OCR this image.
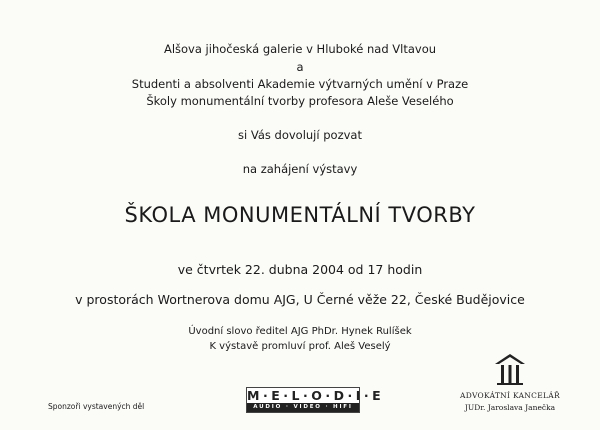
Alšova jihočeská galerie v Hluboké nad Vltavou
a
Studenti a absolventi Akademie výtvarných umění v Praze
Školy monumentální tvorby profesora Aleše Veselého
si Vás dovolují pozvat
na zahájení výstavy
ŠKOLA MONUMENTÁLNÍ TVORBY
ve čtvrtek 22. dubna 2004 od 17 hodin
v prostorách Wortnerova domu AJG, U Černé věže 22, České Budějovice
Úvodní slovo ředitel AJG PhDr. Hynek Rulíšek
K výstavě promluví prof. Aleš Veselý
Sponzoři vystavených děl
M·E·L·O·D·I·E
AUDIO · VIDEO · HIFI
ADVOKÁTNÍ KANCELÁŘ
JUDr. Jaroslava Janečka
